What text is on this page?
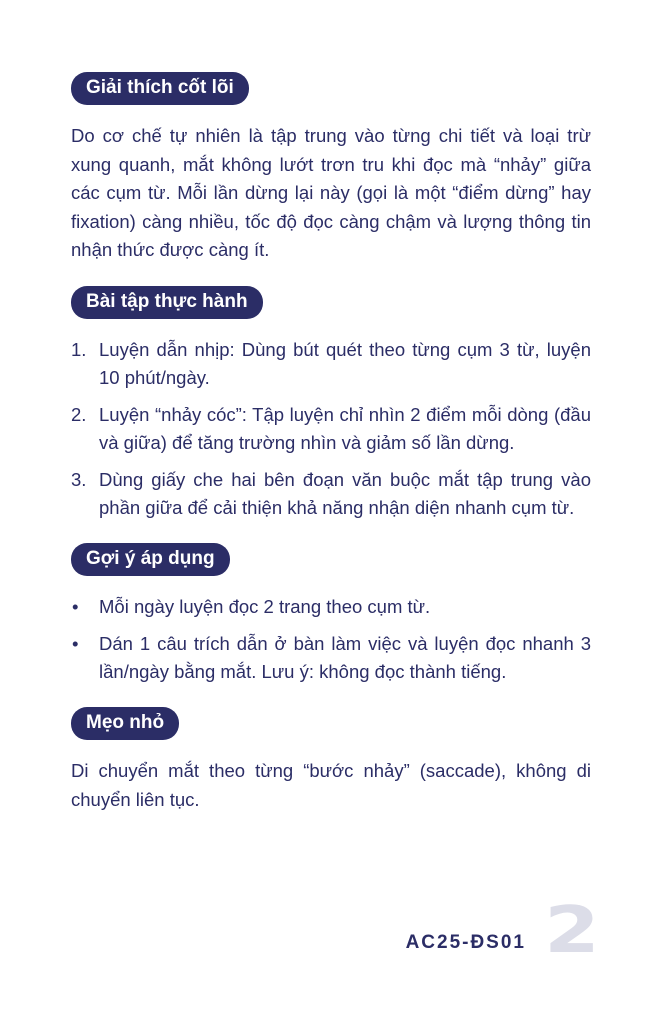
Giải thích cốt lõi

Do cơ chế tự nhiên là tập trung vào từng chi tiết và loại trừ xung quanh, mắt không lướt trơn tru khi đọc mà “nhảy” giữa các cụm từ. Mỗi lần dừng lại này (gọi là một “điểm dừng” hay fixation) càng nhiều, tốc độ đọc càng chậm và lượng thông tin nhận thức được càng ít.

Bài tập thực hành
1. Luyện dẫn nhịp: Dùng bút quét theo từng cụm 3 từ, luyện 10 phút/ngày.
2. Luyện “nhảy cóc”: Tập luyện chỉ nhìn 2 điểm mỗi dòng (đầu và giữa) để tăng trường nhìn và giảm số lần dừng.
3. Dùng giấy che hai bên đoạn văn buộc mắt tập trung vào phần giữa để cải thiện khả năng nhận diện nhanh cụm từ.
Gợi ý áp dụng
• Mỗi ngày luyện đọc 2 trang theo cụm từ.
• Dán 1 câu trích dẫn ở bàn làm việc và luyện đọc nhanh 3 lần/ngày bằng mắt. Lưu ý: không đọc thành tiếng.
Mẹo nhỏ

Di chuyển mắt theo từng “bước nhảy” (saccade), không di chuyển liên tục.

AC25-ĐS01 2
